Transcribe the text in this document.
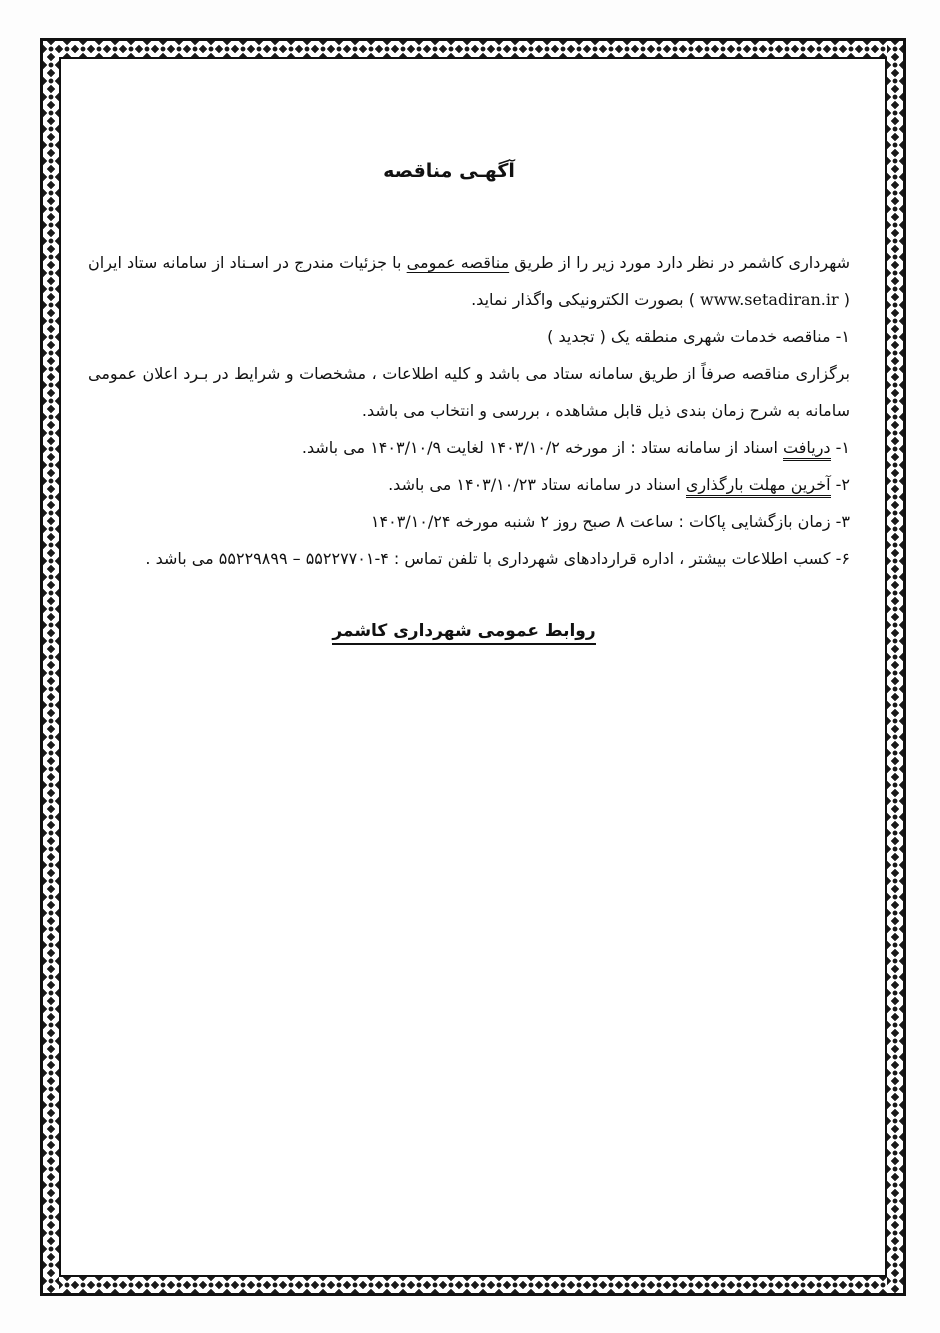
آگهـی مناقصه

شهرداری کاشمر در نظر دارد مورد زیر را از طریق مناقصه عمومی با جزئیات مندرج در اسـناد از سامانه ستاد ایران ( www.setadiran.ir ) بصورت الکترونیکی واگذار نماید.

۱- مناقصه خدمات شهری منطقه یک ( تجدید )

برگزاری مناقصه صرفاً از طریق سامانه ستاد می باشد و کلیه اطلاعات ، مشخصات و شرایط در بـرد اعلان عمومی سامانه به شرح زمان بندی ذیل قابل مشاهده ، بررسی و انتخاب می باشد.

۱- دریافت اسناد از سامانه ستاد : از مورخه ۱۴۰۳/۱۰/۲ لغایت ۱۴۰۳/۱۰/۹ می باشد.

۲- آخرین مهلت بارگذاری اسناد در سامانه ستاد ۱۴۰۳/۱۰/۲۳ می باشد.

۳- زمان بازگشایی پاکات : ساعت ۸ صبح روز ۲ شنبه مورخه ۱۴۰۳/۱۰/۲۴

۶- کسب اطلاعات بیشتر ، اداره قراردادهای شهرداری با تلفن تماس : ۴-۵۵۲۲۷۷۰۱ – ۵۵۲۲۹۸۹۹ می باشد .

روابط عمومی شهرداری کاشمر
